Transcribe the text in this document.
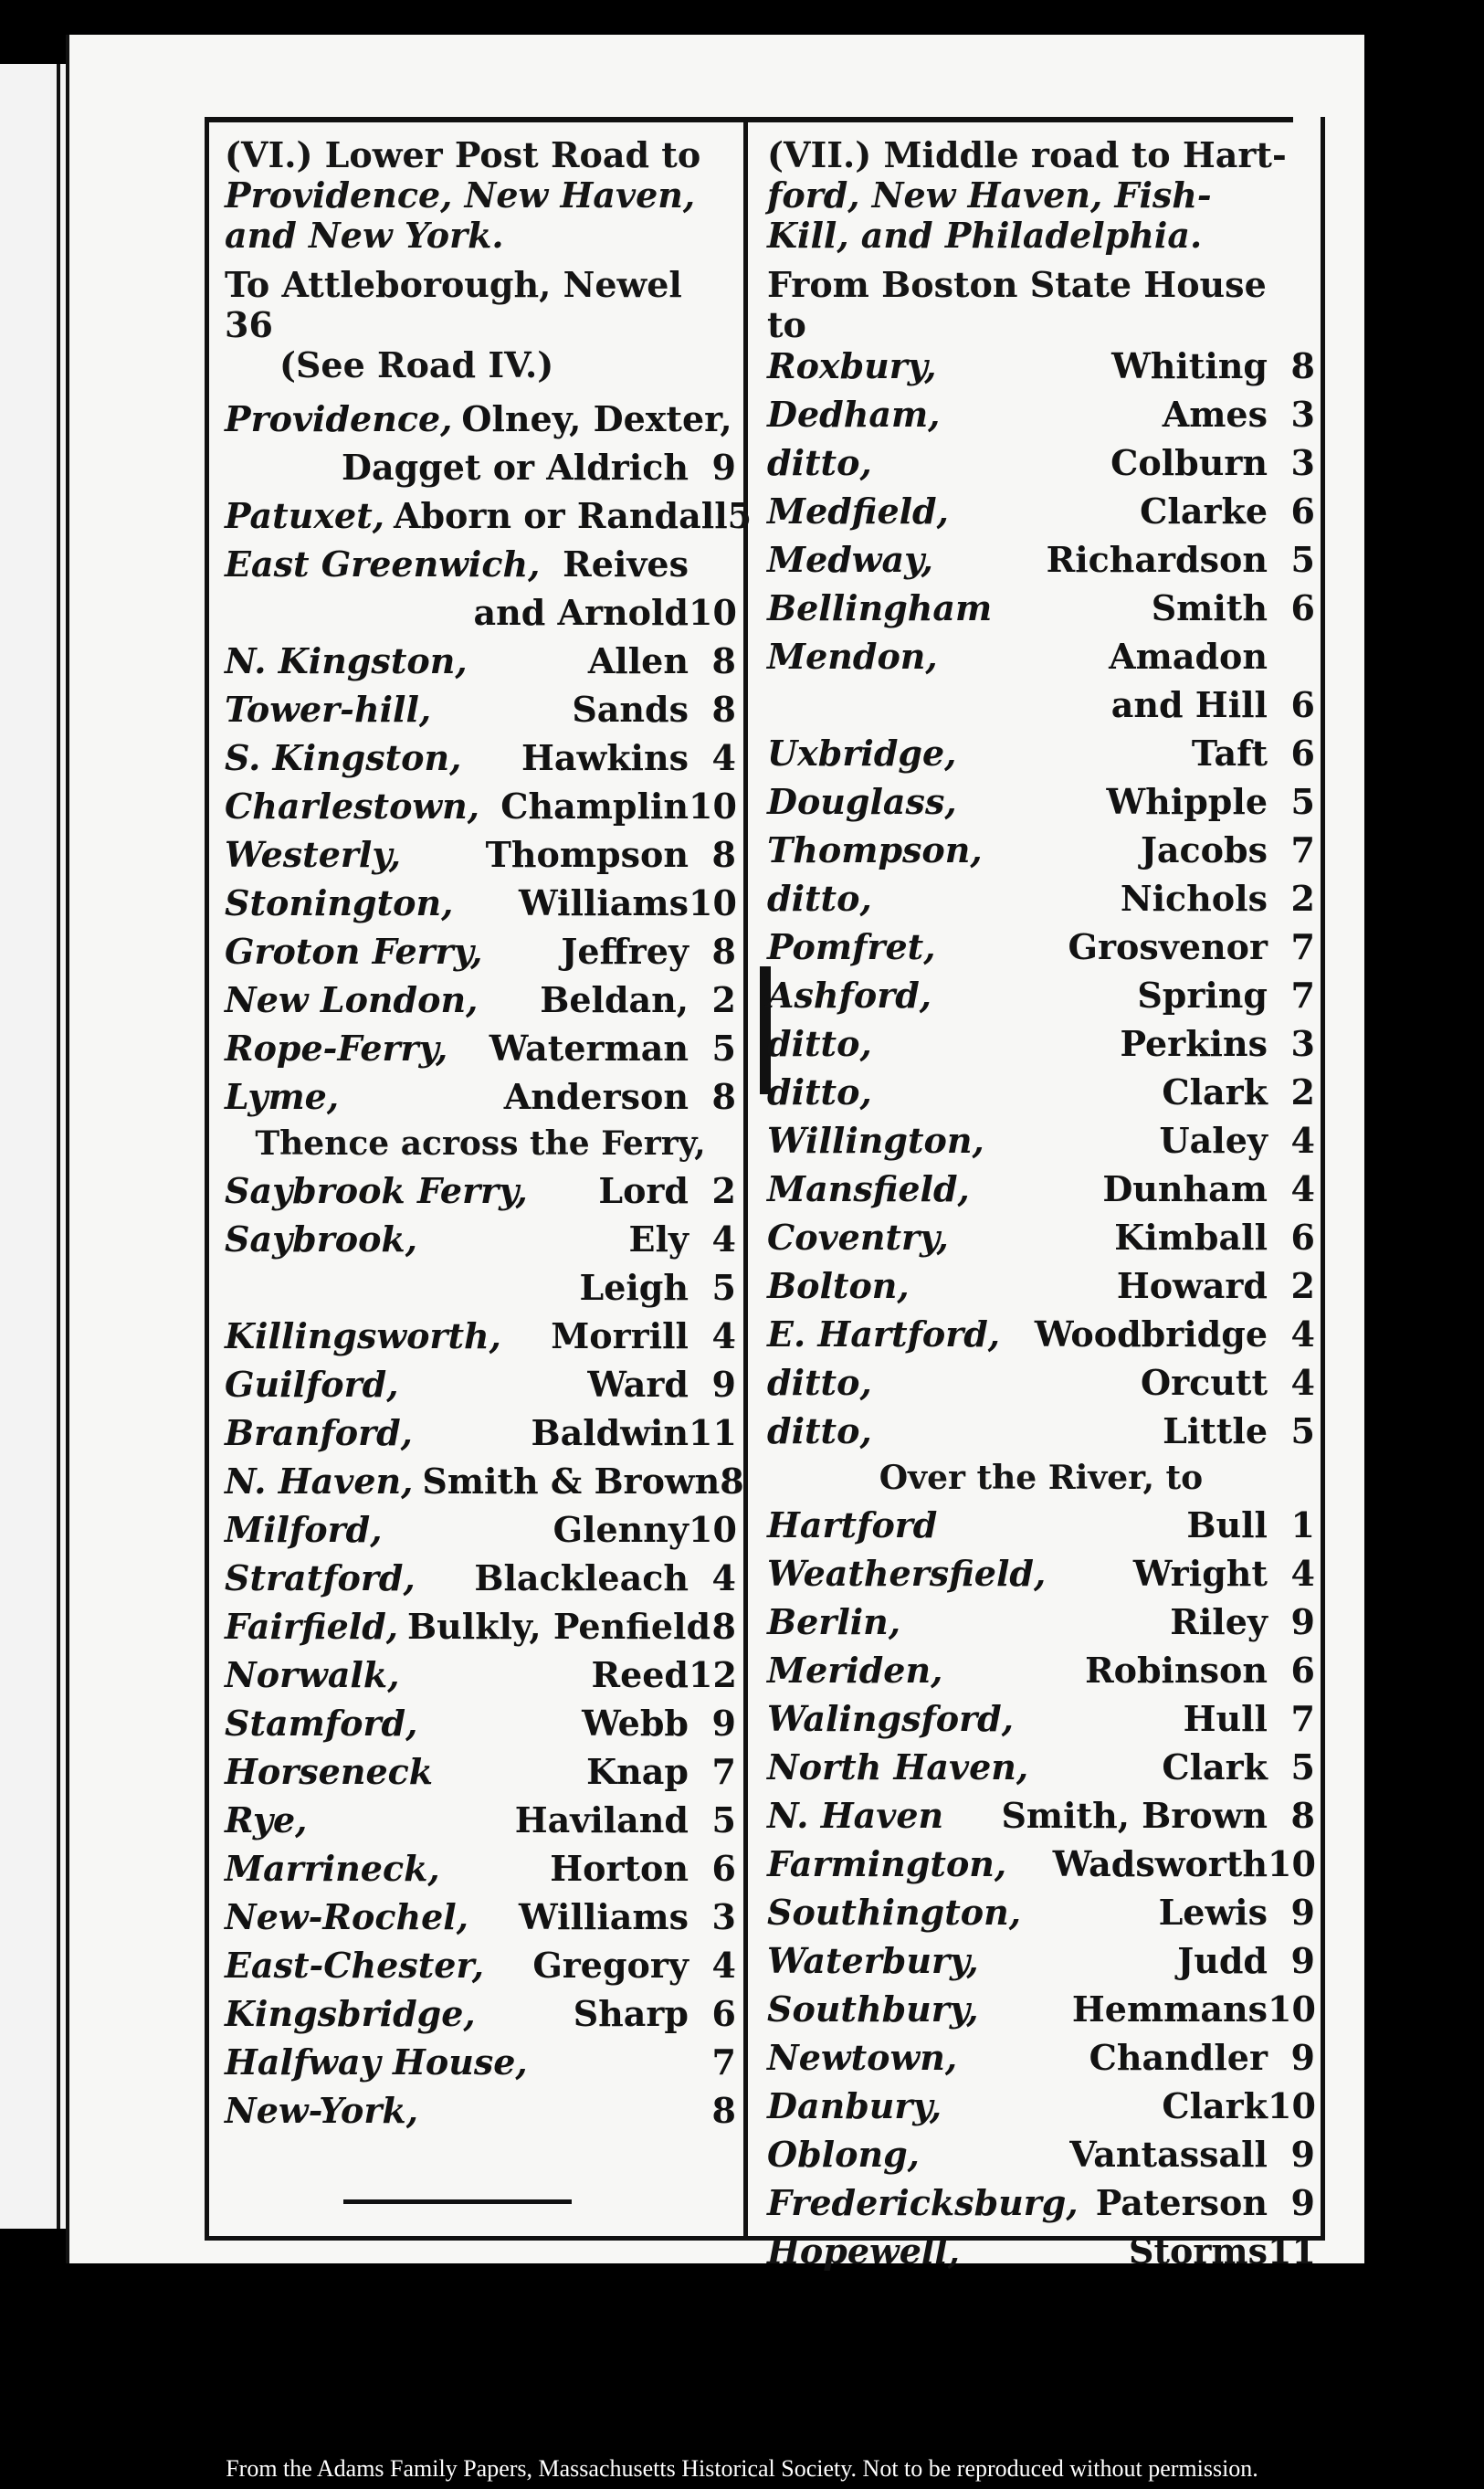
(VI.) Lower Post Road to
Providence, New Haven,
and New York.
To Attleborough, Newel 36
(See Road IV.)
Providence, Olney, Dexter,
Dagget or Aldrich 9
Patuxet, Aborn or Randall 5
East Greenwich, Reives
and Arnold 10
N. Kingston,	Allen 8
Tower-hill,	Sands 8
S. Kingston, Hawkins 4
Charlestown, Champlin 10
Westerly, Thompson 8
Stonington, Williams 10
Groton Ferry, Jeffrey 8
New London, Beldan, 2
Rope-Ferry, Waterman 5
Lyme,	Anderson 8
Thence across the Ferry,
Saybrook Ferry, Lord 2
Saybrook,	Ely 4
Leigh 5
Killingsworth, Morrill 4
Guilford,	Ward 9
Branford,	Baldwin 11
N. Haven, Smith & Brown 8
Milford,	Glenny 10
Stratford, Blackleach 4
Fairfield, Bulkly, Penfield 8
Norwalk,	Reed 12
Stamford,	Webb 9
Horseneck	Knap 7
Rye,	Haviland 5
Marrineck,	Horton 6
New-Rochel, Williams 3
East-Chester, Gregory 4
Kingsbridge,	Sharp 6
Halfway House,	7
New-York,	8
(VII.) Middle road to Hart-
ford, New Haven, Fish-
Kill, and Philadelphia.
From Boston State House to
Roxbury,	Whiting 8
Dedham,	Ames 3
ditto,	Colburn 3
Medfield,	Clarke 6
Medway,	Richardson 5
Bellingham	Smith 6
Mendon,	Amadon
and Hill 6
Uxbridge,	Taft 6
Douglass,	Whipple 5
Thompson,	Jacobs 7
ditto,	Nichols 2
Pomfret,	Grosvenor 7
Ashford,	Spring 7
ditto,	Perkins 3
ditto,	Clark 2
Willington,	Ualey 4
Mansfield,	Dunham 4
Coventry,	Kimball 6
Bolton,	Howard 2
E. Hartford, Woodbridge 4
ditto,	Orcutt 4
ditto,	Little 5
Over the River, to
Hartford	Bull 1
Weathersfield,	Wright 4
Berlin,	Riley 9
Meriden,	Robinson 6
Walingsford,	Hull 7
North Haven,	Clark 5
N. Haven Smith, Brown 8
Farmington, Wadsworth 10
Southington,	Lewis 9
Waterbury,	Judd 9
Southbury,	Hemmans 10
Newtown,	Chandler 9
Danbury,	Clark 10
Oblong,	Vantassall 9
Fredericksburg, Paterson 9
Hopewell,	Storms 11
From the Adams Family Papers, Massachusetts Historical Society. Not to be reproduced without permission.
